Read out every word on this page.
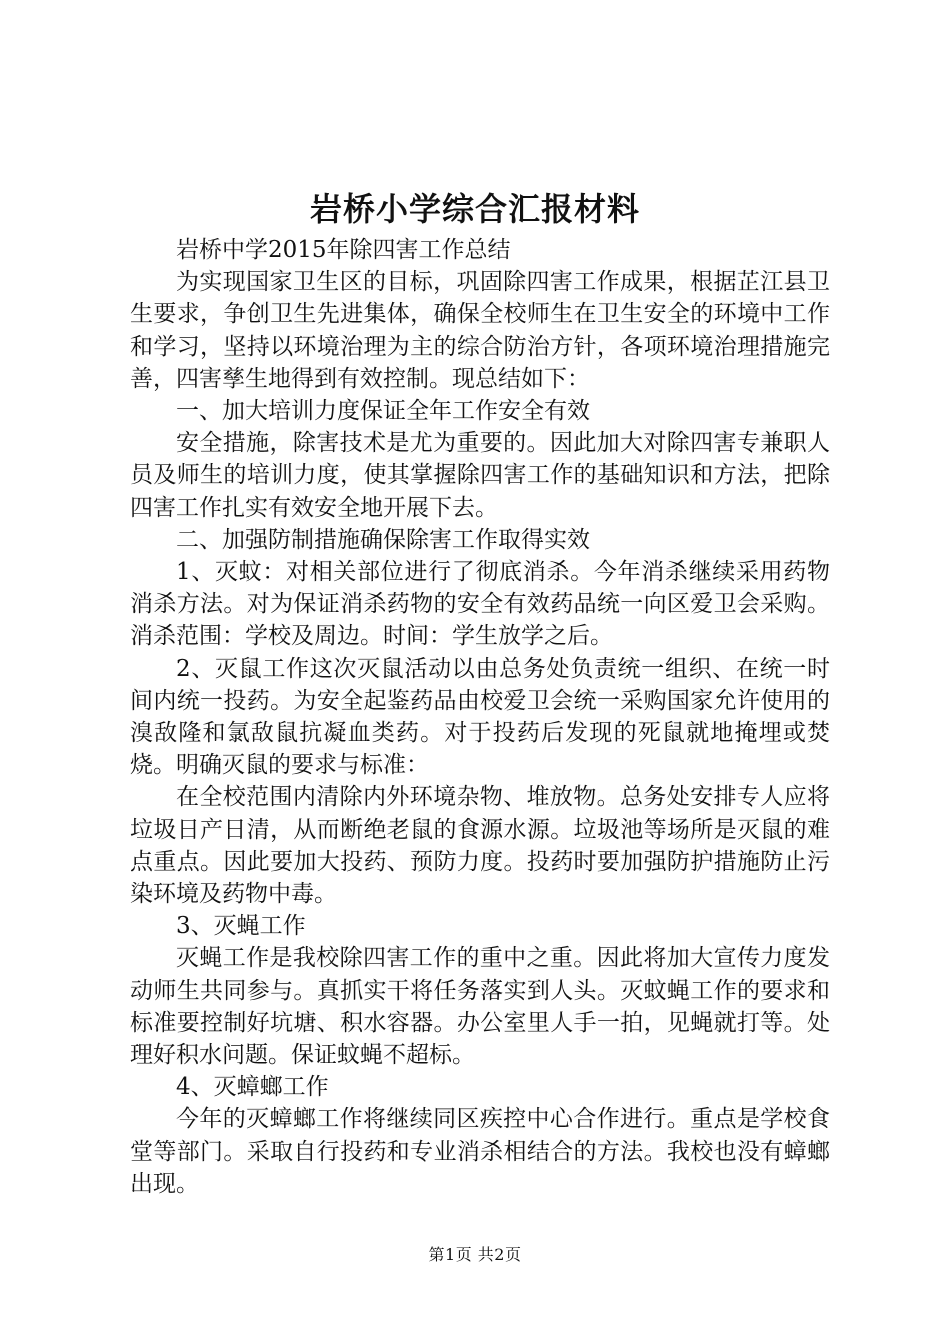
岩桥小学综合汇报材料

岩桥中学2015年除四害工作总结

为实现国家卫生区的目标，巩固除四害工作成果，根据芷江县卫生要求，争创卫生先进集体，确保全校师生在卫生安全的环境中工作和学习，坚持以环境治理为主的综合防治方针，各项环境治理措施完善，四害孳生地得到有效控制。现总结如下：

一、加大培训力度保证全年工作安全有效

安全措施，除害技术是尤为重要的。因此加大对除四害专兼职人员及师生的培训力度，使其掌握除四害工作的基础知识和方法，把除四害工作扎实有效安全地开展下去。

二、加强防制措施确保除害工作取得实效

1、灭蚊：对相关部位进行了彻底消杀。今年消杀继续采用药物消杀方法。对为保证消杀药物的安全有效药品统一向区爱卫会采购。消杀范围：学校及周边。时间：学生放学之后。

2、灭鼠工作这次灭鼠活动以由总务处负责统一组织、在统一时间内统一投药。为安全起鉴药品由校爱卫会统一采购国家允许使用的溴敌隆和氯敌鼠抗凝血类药。对于投药后发现的死鼠就地掩埋或焚烧。明确灭鼠的要求与标准：

在全校范围内清除内外环境杂物、堆放物。总务处安排专人应将垃圾日产日清，从而断绝老鼠的食源水源。垃圾池等场所是灭鼠的难点重点。因此要加大投药、预防力度。投药时要加强防护措施防止污染环境及药物中毒。

3、灭蝇工作

灭蝇工作是我校除四害工作的重中之重。因此将加大宣传力度发动师生共同参与。真抓实干将任务落实到人头。灭蚊蝇工作的要求和标准要控制好坑塘、积水容器。办公室里人手一拍，见蝇就打等。处理好积水问题。保证蚊蝇不超标。

4、灭蟑螂工作

今年的灭蟑螂工作将继续同区疾控中心合作进行。重点是学校食堂等部门。采取自行投药和专业消杀相结合的方法。我校也没有蟑螂出现。

第1页 共2页
